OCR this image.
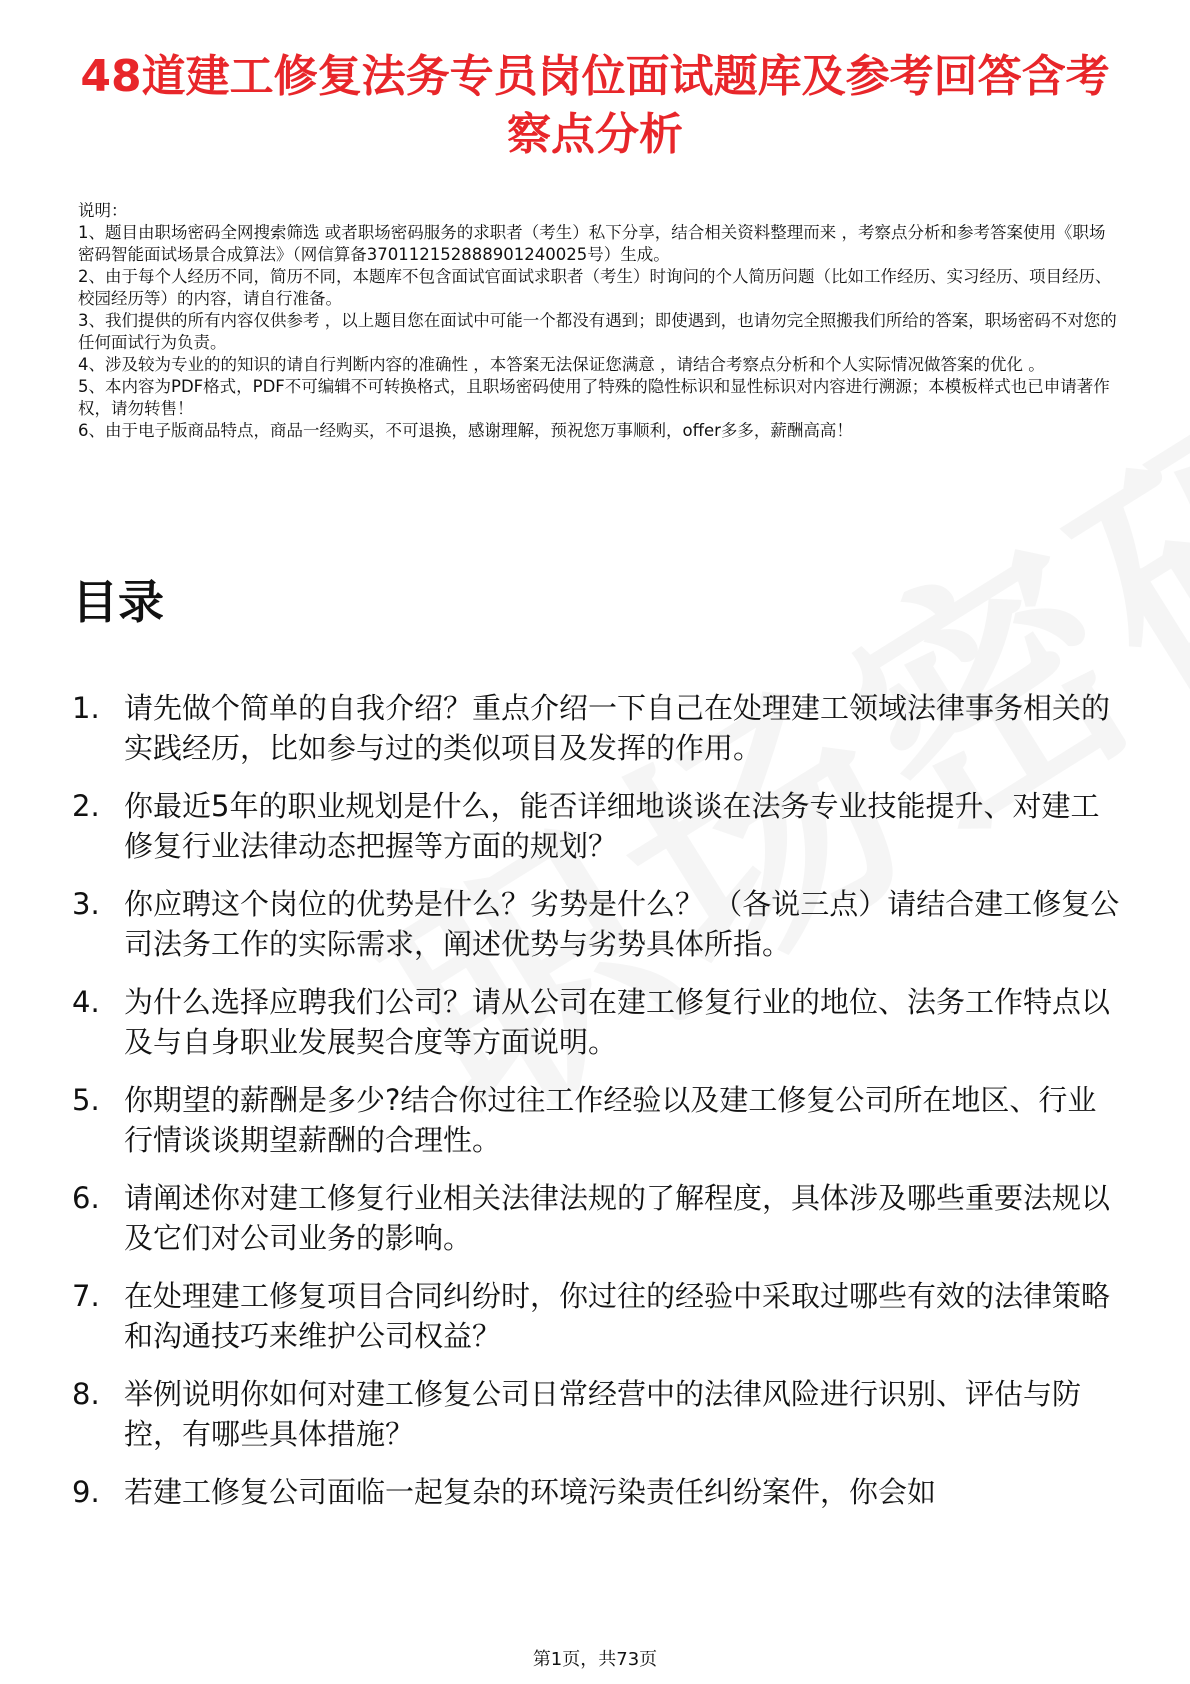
48道建工修复法务专员岗位面试题库及参考回答含考察点分析

说明：

1、题目由职场密码全网搜索筛选 或者职场密码服务的求职者（考生）私下分享，结合相关资料整理而来 ，考察点分析和参考答案使用《职场密码智能面试场景合成算法》（网信算备370112152888901240025号）生成。

2、由于每个人经历不同，简历不同，本题库不包含面试官面试求职者（考生）时询问的个人简历问题（比如工作经历、实习经历、项目经历、校园经历等）的内容，请自行准备。

3、我们提供的所有内容仅供参考 ，以上题目您在面试中可能一个都没有遇到；即使遇到，也请勿完全照搬我们所给的答案，职场密码不对您的任何面试行为负责。

4、涉及较为专业的的知识的请自行判断内容的准确性 ，本答案无法保证您满意 ，请结合考察点分析和个人实际情况做答案的优化 。

5、本内容为PDF格式，PDF不可编辑不可转换格式，且职场密码使用了特殊的隐性标识和显性标识对内容进行溯源；本模板样式也已申请著作权，请勿转售！

6、由于电子版商品特点，商品一经购买，不可退换，感谢理解，预祝您万事顺利，offer多多，薪酬高高！

目录
1. 请先做个简单的自我介绍？重点介绍一下自己在处理建工领域法律事务相关的实践经历，比如参与过的类似项目及发挥的作用。
2. 你最近5年的职业规划是什么，能否详细地谈谈在法务专业技能提升、对建工修复行业法律动态把握等方面的规划？
3. 你应聘这个岗位的优势是什么？劣势是什么？ （各说三点）请结合建工修复公司法务工作的实际需求，阐述优势与劣势具体所指。
4. 为什么选择应聘我们公司？请从公司在建工修复行业的地位、法务工作特点以及与自身职业发展契合度等方面说明。
5. 你期望的薪酬是多少?结合你过往工作经验以及建工修复公司所在地区、行业行情谈谈期望薪酬的合理性。
6. 请阐述你对建工修复行业相关法律法规的了解程度，具体涉及哪些重要法规以及它们对公司业务的影响。
7. 在处理建工修复项目合同纠纷时，你过往的经验中采取过哪些有效的法律策略和沟通技巧来维护公司权益？
8. 举例说明你如何对建工修复公司日常经营中的法律风险进行识别、评估与防控，有哪些具体措施？
9. 若建工修复公司面临一起复杂的环境污染责任纠纷案件，你会如
第1页，共73页
